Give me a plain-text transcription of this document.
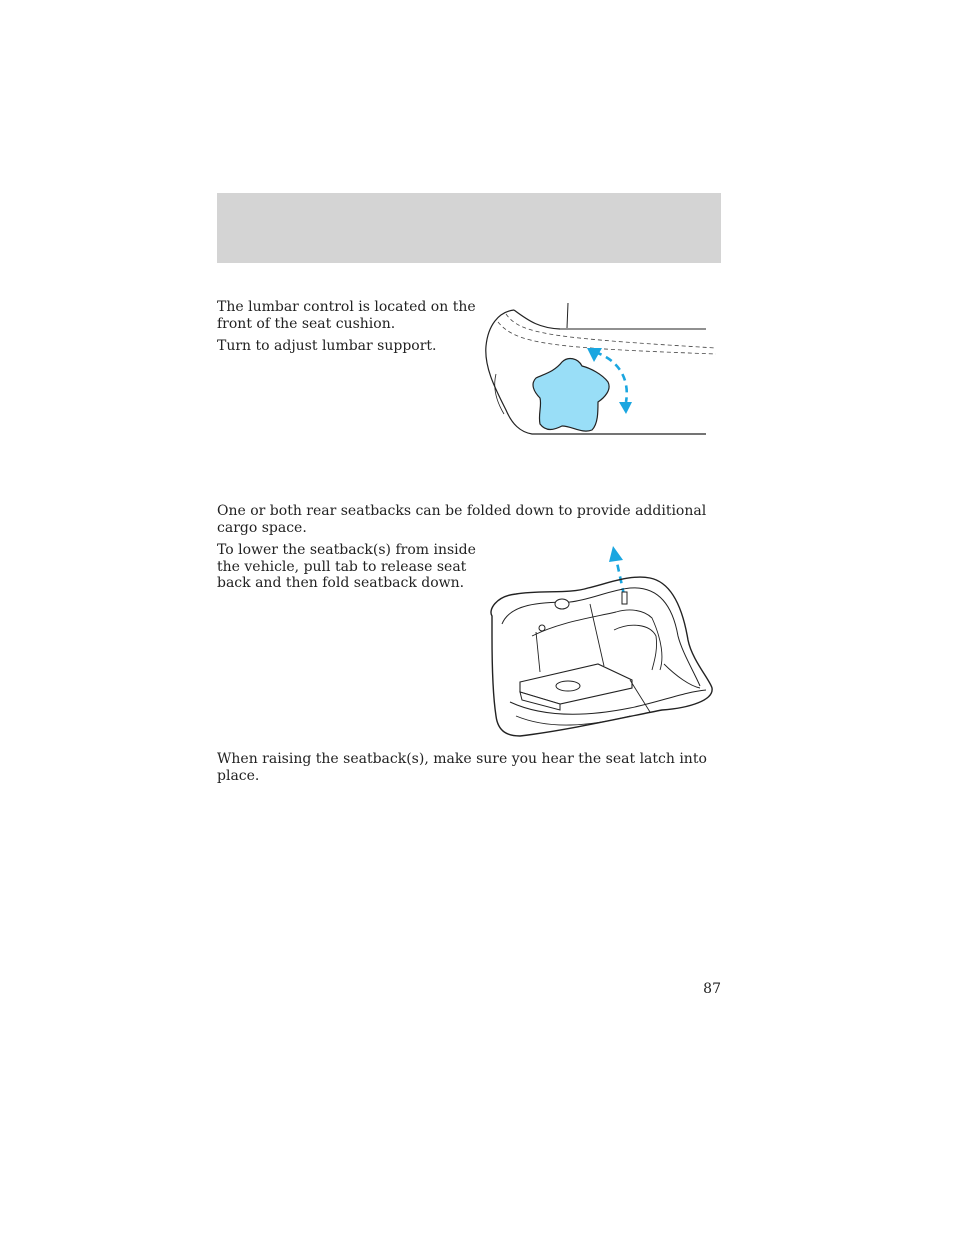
The lumbar control is located on the front of the seat cushion.

Turn to adjust lumbar support.

One or both rear seatbacks can be folded down to provide additional cargo space.

To lower the seatback(s) from inside the vehicle, pull tab to release seat back and then fold seatback down.

When raising the seatback(s), make sure you hear the seat latch into place.

87
